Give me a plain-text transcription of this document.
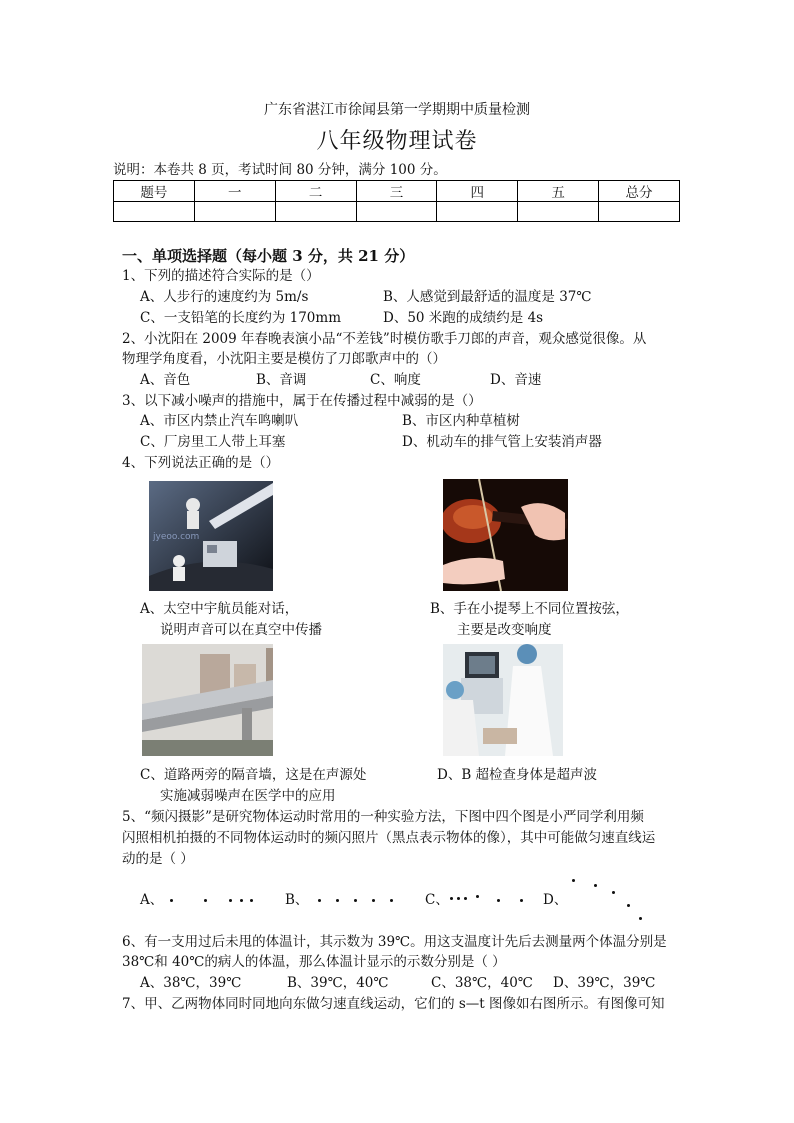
广东省湛江市徐闻县第一学期期中质量检测
八年级物理试卷
说明：本卷共 8 页，考试时间 80 分钟，满分 100 分。
题号	一	二	三	四	五	总分

一、单项选择题（每小题 3 分，共 21 分）
1、下列的描述符合实际的是（）
A、人步行的速度约为 5m/s	B、人感觉到最舒适的温度是 37℃
C、一支铅笔的长度约为 170mm	D、50 米跑的成绩约是 4s
2、小沈阳在 2009 年春晚表演小品“不差钱”时模仿歌手刀郎的声音，观众感觉很像。从
物理学角度看，小沈阳主要是模仿了刀郎歌声中的（）
A、音色	B、音调	C、响度	D、音速
3、以下减小噪声的措施中，属于在传播过程中减弱的是（）
A、市区内禁止汽车鸣喇叭	B、市区内种草植树
C、厂房里工人带上耳塞	D、机动车的排气管上安装消声器
4、下列说法正确的是（）
jyeoo.com
A、太空中宇航员能对话，
说明声音可以在真空中传播
B、手在小提琴上不同位置按弦，
主要是改变响度
C、道路两旁的隔音墙，这是在声源处
实施减弱噪声在医学中的应用
D、B 超检查身体是超声波
5、“频闪摄影”是研究物体运动时常用的一种实验方法，下图中四个图是小严同学利用频
闪照相机拍摄的不同物体运动时的频闪照片（黑点表示物体的像），其中可能做匀速直线运
动的是（ ）
A、	B、	C、	D、
6、有一支用过后未甩的体温计，其示数为 39℃。用这支温度计先后去测量两个体温分别是
38℃和 40℃的病人的体温，那么体温计显示的示数分别是（ ）
A、38℃，39℃	B、39℃，40℃	C、38℃，40℃ D、39℃，39℃
7、甲、乙两物体同时同地向东做匀速直线运动，它们的 s—t 图像如右图所示。有图像可知
